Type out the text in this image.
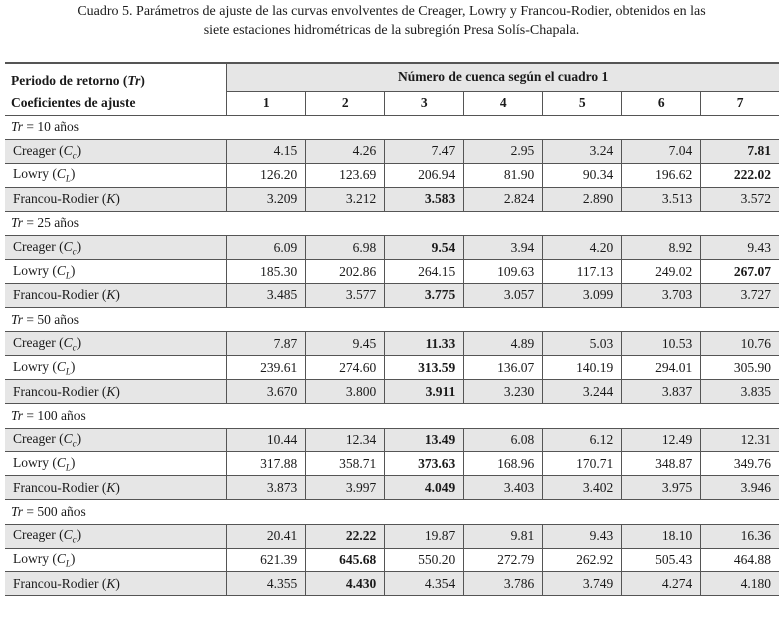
Cuadro 5. Parámetros de ajuste de las curvas envolventes de Creager, Lowry y Francou-Rodier, obtenidos en las
siete estaciones hidrométricas de la subregión Presa Solís-Chapala.
Periodo de retorno (Tr)
Coeficientes de ajuste	Número de cuenca según el cuadro 1						
	1	2	3	4	5	6	7
Tr = 10 años							
Creager $(C_c)$	4.15	4.26	7.47	2.95	3.24	7.04	7.81
Lowry $(C_L)$	126.20	123.69	206.94	81.90	90.34	196.62	222.02
Francou-Rodier (K)	3.209	3.212	3.583	2.824	2.890	3.513	3.572
Tr = 25 años							
Creager $(C_c)$	6.09	6.98	9.54	3.94	4.20	8.92	9.43
Lowry $(C_L)$	185.30	202.86	264.15	109.63	117.13	249.02	267.07
Francou-Rodier (K)	3.485	3.577	3.775	3.057	3.099	3.703	3.727
Tr = 50 años							
Creager $(C_c)$	7.87	9.45	11.33	4.89	5.03	10.53	10.76
Lowry $(C_L)$	239.61	274.60	313.59	136.07	140.19	294.01	305.90
Francou-Rodier (K)	3.670	3.800	3.911	3.230	3.244	3.837	3.835
Tr = 100 años							
Creager $(C_c)$	10.44	12.34	13.49	6.08	6.12	12.49	12.31
Lowry $(C_L)$	317.88	358.71	373.63	168.96	170.71	348.87	349.76
Francou-Rodier (K)	3.873	3.997	4.049	3.403	3.402	3.975	3.946
Tr = 500 años							
Creager $(C_c)$	20.41	22.22	19.87	9.81	9.43	18.10	16.36
Lowry $(C_L)$	621.39	645.68	550.20	272.79	262.92	505.43	464.88
Francou-Rodier (K)	4.355	4.430	4.354	3.786	3.749	4.274	4.180
